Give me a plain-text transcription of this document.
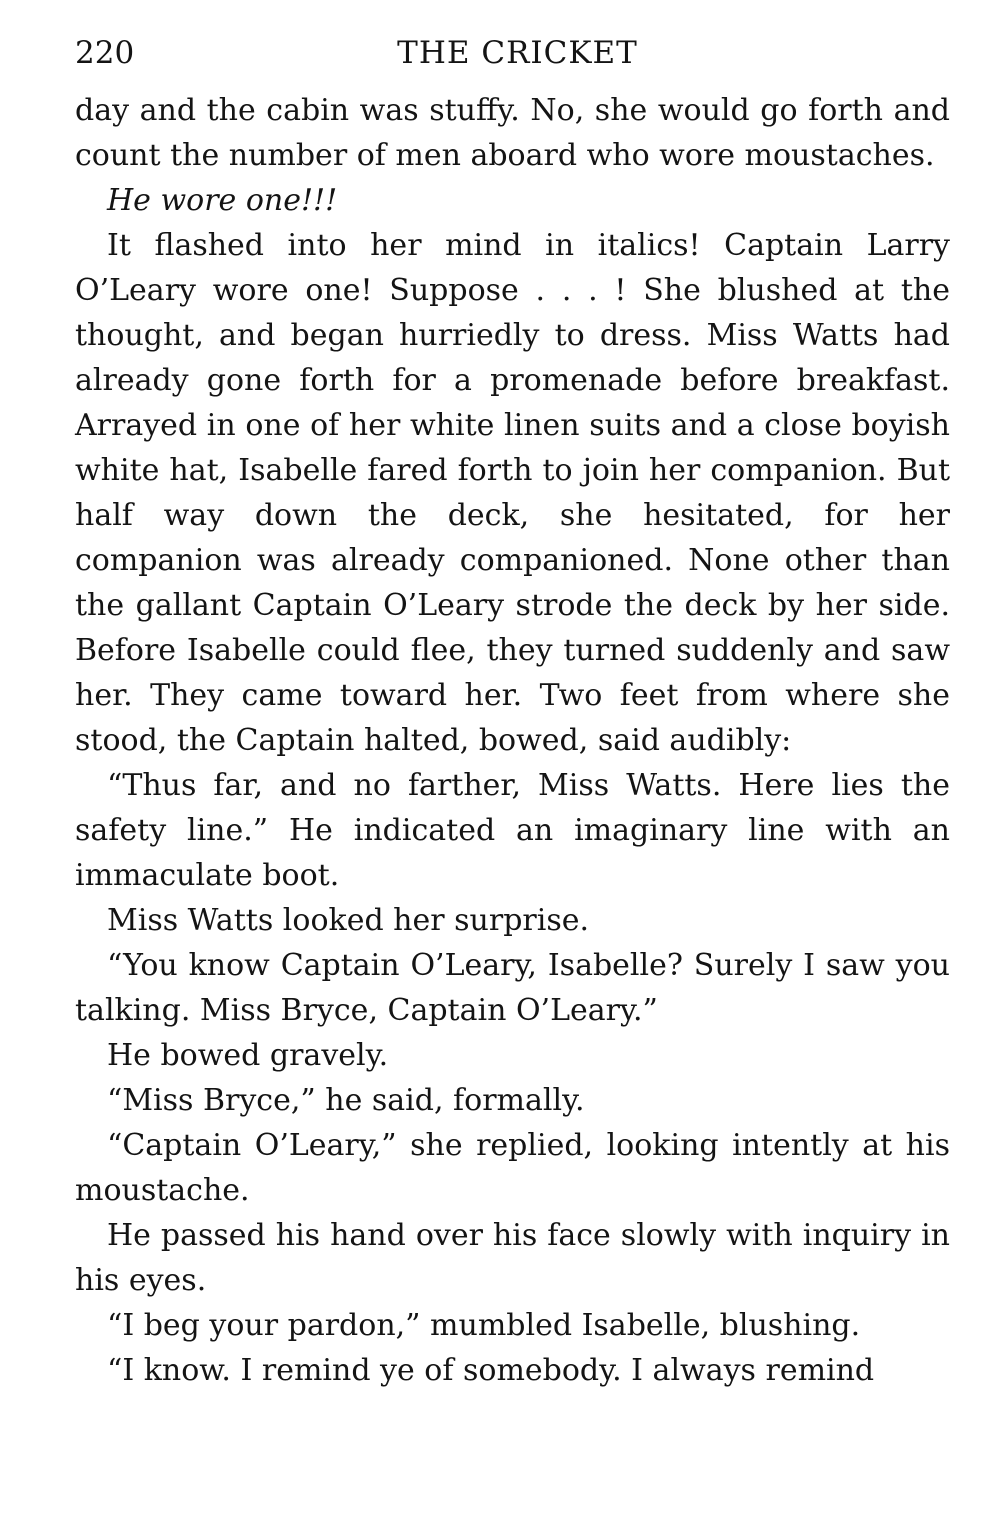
220	THE CRICKET

day and the cabin was stuffy. No, she would go forth and count the number of men aboard who wore moustaches.

He wore one!!!

It flashed into her mind in italics! Captain Larry O’Leary wore one! Suppose . . . ! She blushed at the thought, and began hurriedly to dress. Miss Watts had already gone forth for a promenade before breakfast. Arrayed in one of her white linen suits and a close boyish white hat, Isabelle fared forth to join her companion. But half way down the deck, she hesitated, for her companion was already companioned. None other than the gallant Captain O’Leary strode the deck by her side. Before Isabelle could flee, they turned suddenly and saw her. They came toward her. Two feet from where she stood, the Captain halted, bowed, said audibly:

“Thus far, and no farther, Miss Watts. Here lies the safety line.” He indicated an imaginary line with an immaculate boot.

Miss Watts looked her surprise.

“You know Captain O’Leary, Isabelle? Surely I saw you talking. Miss Bryce, Captain O’Leary.”

He bowed gravely.

“Miss Bryce,” he said, formally.

“Captain O’Leary,” she replied, looking intently at his moustache.

He passed his hand over his face slowly with inquiry in his eyes.

“I beg your pardon,” mumbled Isabelle, blushing.

“I know. I remind ye of somebody. I always remind
